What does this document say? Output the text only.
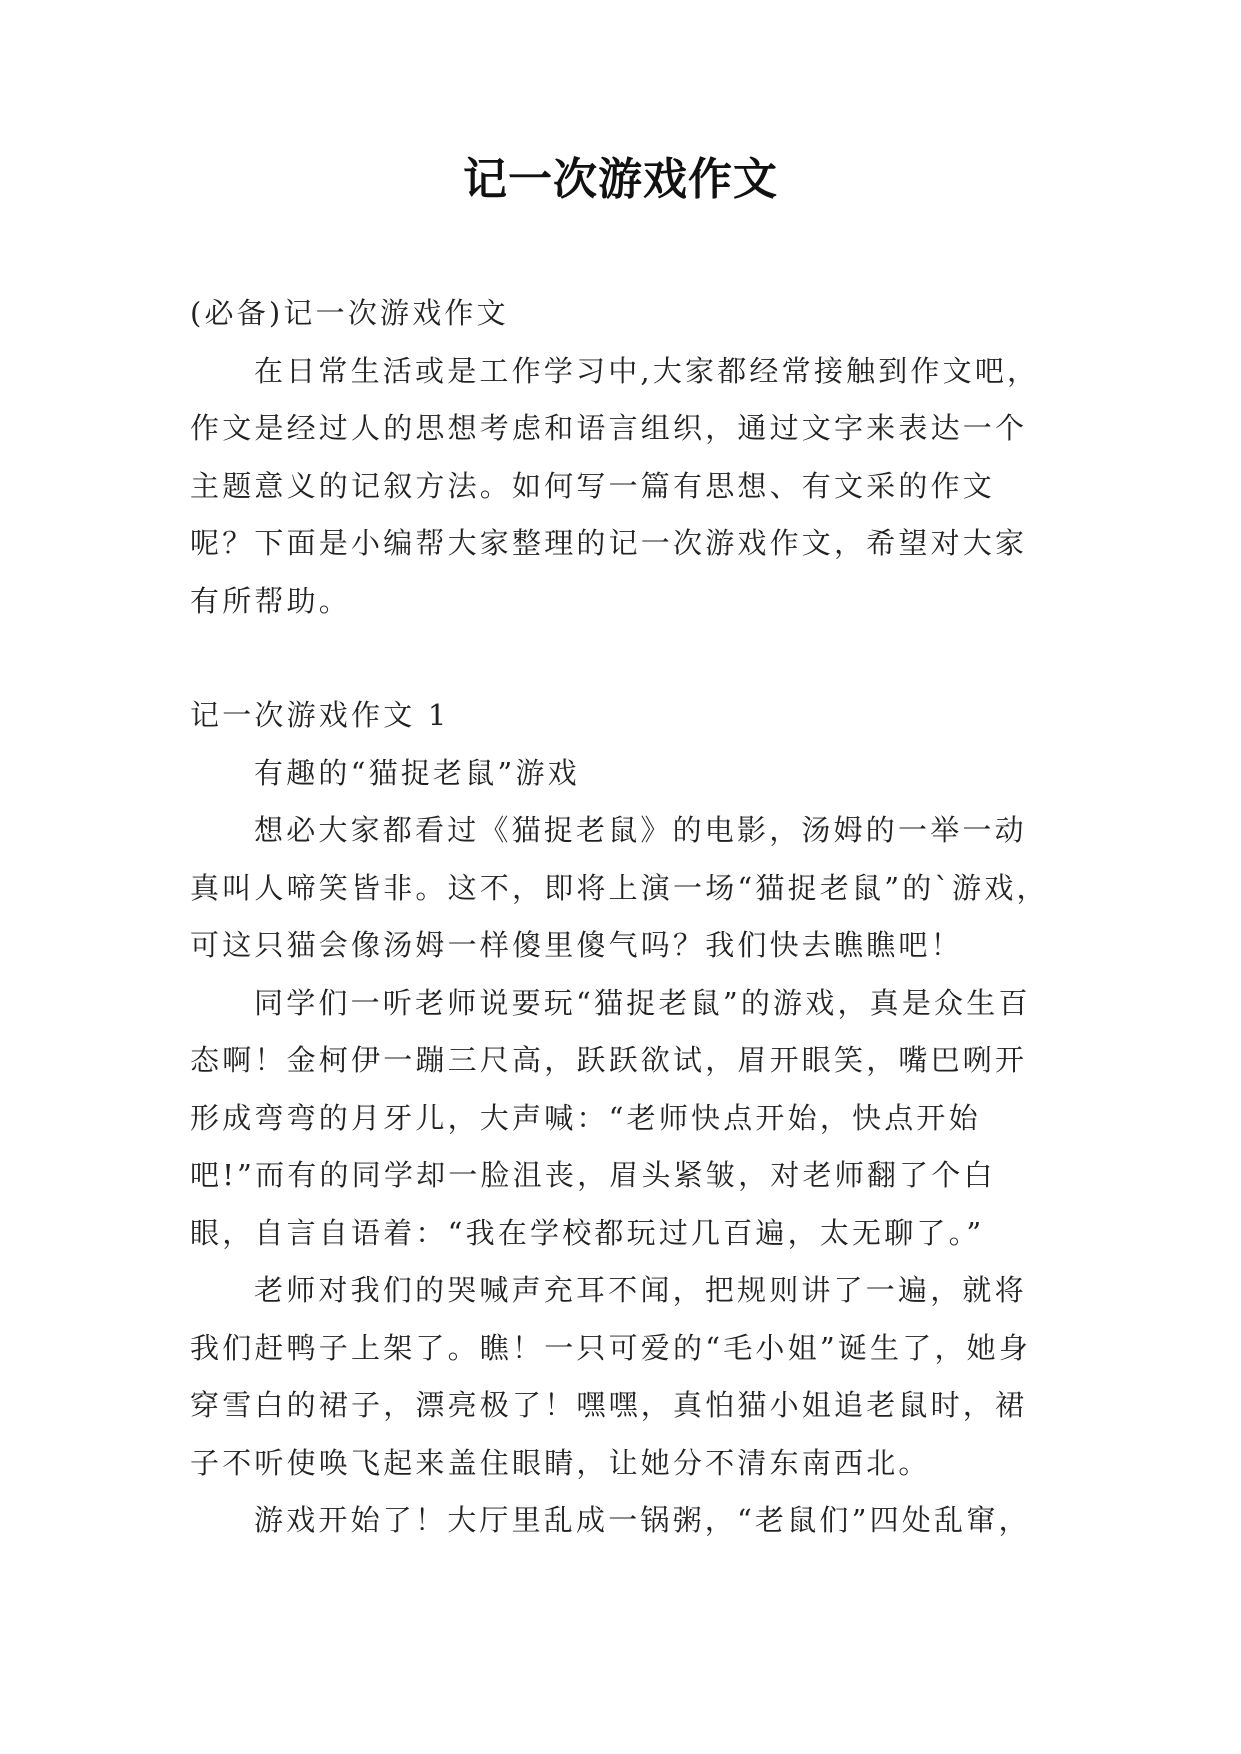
记一次游戏作文

(必备)记一次游戏作文

在日常生活或是工作学习中,大家都经常接触到作文吧，作文是经过人的思想考虑和语言组织，通过文字来表达一个主题意义的记叙方法。如何写一篇有思想、有文采的作文呢？下面是小编帮大家整理的记一次游戏作文，希望对大家有所帮助。

记一次游戏作文 1

有趣的“猫捉老鼠”游戏

想必大家都看过《猫捉老鼠》的电影，汤姆的一举一动真叫人啼笑皆非。这不，即将上演一场“猫捉老鼠”的`游戏，可这只猫会像汤姆一样傻里傻气吗？我们快去瞧瞧吧！

同学们一听老师说要玩“猫捉老鼠”的游戏，真是众生百态啊！金柯伊一蹦三尺高，跃跃欲试，眉开眼笑，嘴巴咧开形成弯弯的月牙儿，大声喊：“老师快点开始，快点开始吧!”而有的同学却一脸沮丧，眉头紧皱，对老师翻了个白眼，自言自语着：“我在学校都玩过几百遍，太无聊了。”

老师对我们的哭喊声充耳不闻，把规则讲了一遍，就将我们赶鸭子上架了。瞧！一只可爱的“毛小姐”诞生了，她身穿雪白的裙子，漂亮极了！嘿嘿，真怕猫小姐追老鼠时，裙子不听使唤飞起来盖住眼睛，让她分不清东南西北。

游戏开始了！大厅里乱成一锅粥，“老鼠们”四处乱窜，
